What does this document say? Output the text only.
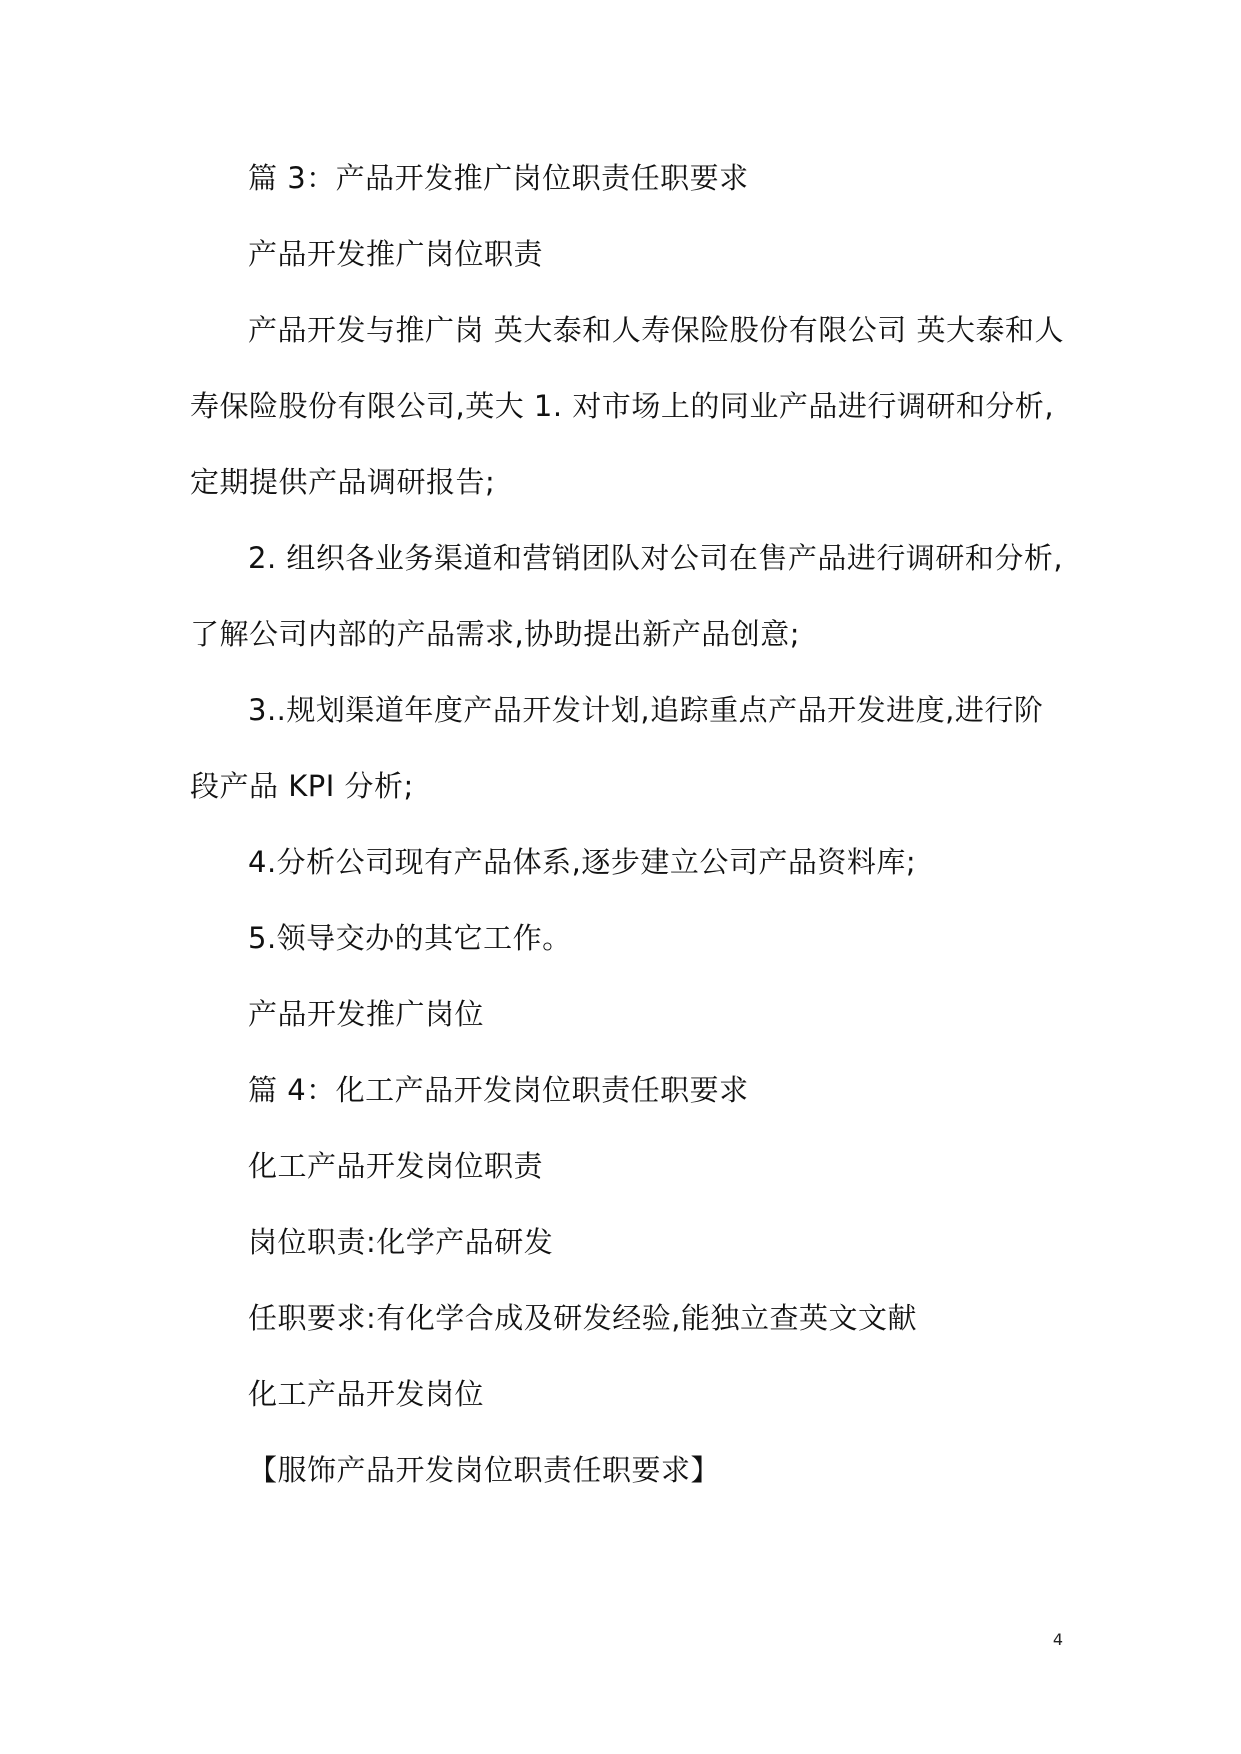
篇 3：产品开发推广岗位职责任职要求

产品开发推广岗位职责

产品开发与推广岗 英大泰和人寿保险股份有限公司 英大泰和人寿保险股份有限公司,英大 1. 对市场上的同业产品进行调研和分析,定期提供产品调研报告;

2. 组织各业务渠道和营销团队对公司在售产品进行调研和分析,了解公司内部的产品需求,协助提出新产品创意;

3..规划渠道年度产品开发计划,追踪重点产品开发进度,进行阶段产品 KPI 分析;

4.分析公司现有产品体系,逐步建立公司产品资料库;

5.领导交办的其它工作。

产品开发推广岗位

篇 4：化工产品开发岗位职责任职要求

化工产品开发岗位职责

岗位职责:化学产品研发

任职要求:有化学合成及研发经验,能独立查英文文献

化工产品开发岗位

【服饰产品开发岗位职责任职要求】

4
